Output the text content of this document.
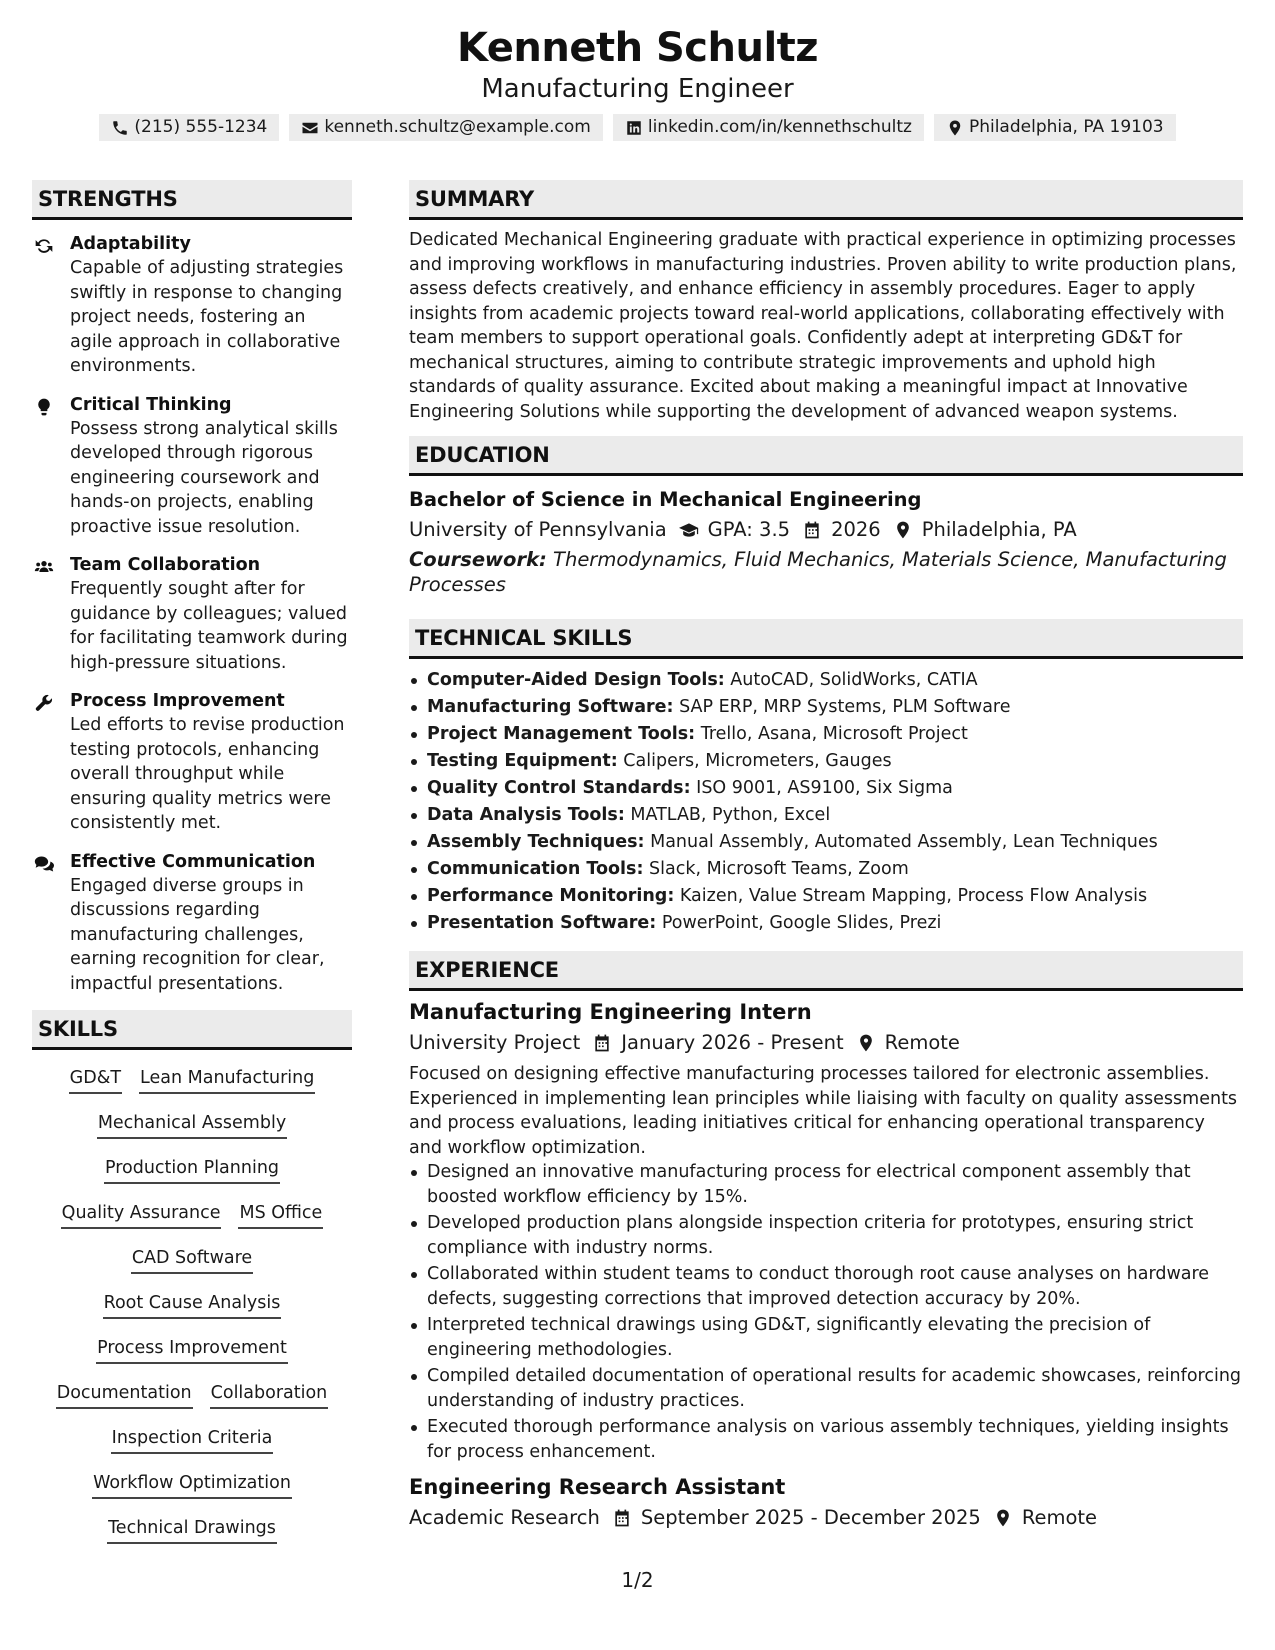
Kenneth Schultz
Manufacturing Engineer
(215) 555-1234	kenneth.schultz@example.com	linkedin.com/in/kennethschultz	Philadelphia, PA 19103
STRENGTHS
Adaptability
Capable of adjusting strategies swiftly in response to changing project needs, fostering an agile approach in collaborative environments.
Critical Thinking
Possess strong analytical skills developed through rigorous engineering coursework and hands-on projects, enabling proactive issue resolution.
Team Collaboration
Frequently sought after for guidance by colleagues; valued for facilitating teamwork during high-pressure situations.
Process Improvement
Led efforts to revise production testing protocols, enhancing overall throughput while ensuring quality metrics were consistently met.
Effective Communication
Engaged diverse groups in discussions regarding manufacturing challenges, earning recognition for clear, impactful presentations.
SKILLS
GD&T Lean Manufacturing
Mechanical Assembly
Production Planning
Quality Assurance MS Office
CAD Software
Root Cause Analysis
Process Improvement
Documentation Collaboration
Inspection Criteria
Workflow Optimization
Technical Drawings
SUMMARY
Dedicated Mechanical Engineering graduate with practical experience in optimizing processes and improving workflows in manufacturing industries. Proven ability to write production plans, assess defects creatively, and enhance efficiency in assembly procedures. Eager to apply insights from academic projects toward real-world applications, collaborating effectively with team members to support operational goals. Confidently adept at interpreting GD&T for mechanical structures, aiming to contribute strategic improvements and uphold high standards of quality assurance. Excited about making a meaningful impact at Innovative Engineering Solutions while supporting the development of advanced weapon systems.
EDUCATION
Bachelor of Science in Mechanical Engineering
University of Pennsylvania GPA: 3.5 2026 Philadelphia, PA
Coursework: Thermodynamics, Fluid Mechanics, Materials Science, Manufacturing Processes
TECHNICAL SKILLS
Computer-Aided Design Tools: AutoCAD, SolidWorks, CATIA
Manufacturing Software: SAP ERP, MRP Systems, PLM Software
Project Management Tools: Trello, Asana, Microsoft Project
Testing Equipment: Calipers, Micrometers, Gauges
Quality Control Standards: ISO 9001, AS9100, Six Sigma
Data Analysis Tools: MATLAB, Python, Excel
Assembly Techniques: Manual Assembly, Automated Assembly, Lean Techniques
Communication Tools: Slack, Microsoft Teams, Zoom
Performance Monitoring: Kaizen, Value Stream Mapping, Process Flow Analysis
Presentation Software: PowerPoint, Google Slides, Prezi
EXPERIENCE
Manufacturing Engineering Intern
University Project January 2026 - Present Remote
Focused on designing effective manufacturing processes tailored for electronic assemblies. Experienced in implementing lean principles while liaising with faculty on quality assessments and process evaluations, leading initiatives critical for enhancing operational transparency and workflow optimization.
Designed an innovative manufacturing process for electrical component assembly that boosted workflow efficiency by 15%.
Developed production plans alongside inspection criteria for prototypes, ensuring strict compliance with industry norms.
Collaborated within student teams to conduct thorough root cause analyses on hardware defects, suggesting corrections that improved detection accuracy by 20%.
Interpreted technical drawings using GD&T, significantly elevating the precision of engineering methodologies.
Compiled detailed documentation of operational results for academic showcases, reinforcing understanding of industry practices.
Executed thorough performance analysis on various assembly techniques, yielding insights for process enhancement.
Engineering Research Assistant
Academic Research September 2025 - December 2025 Remote
1/2
